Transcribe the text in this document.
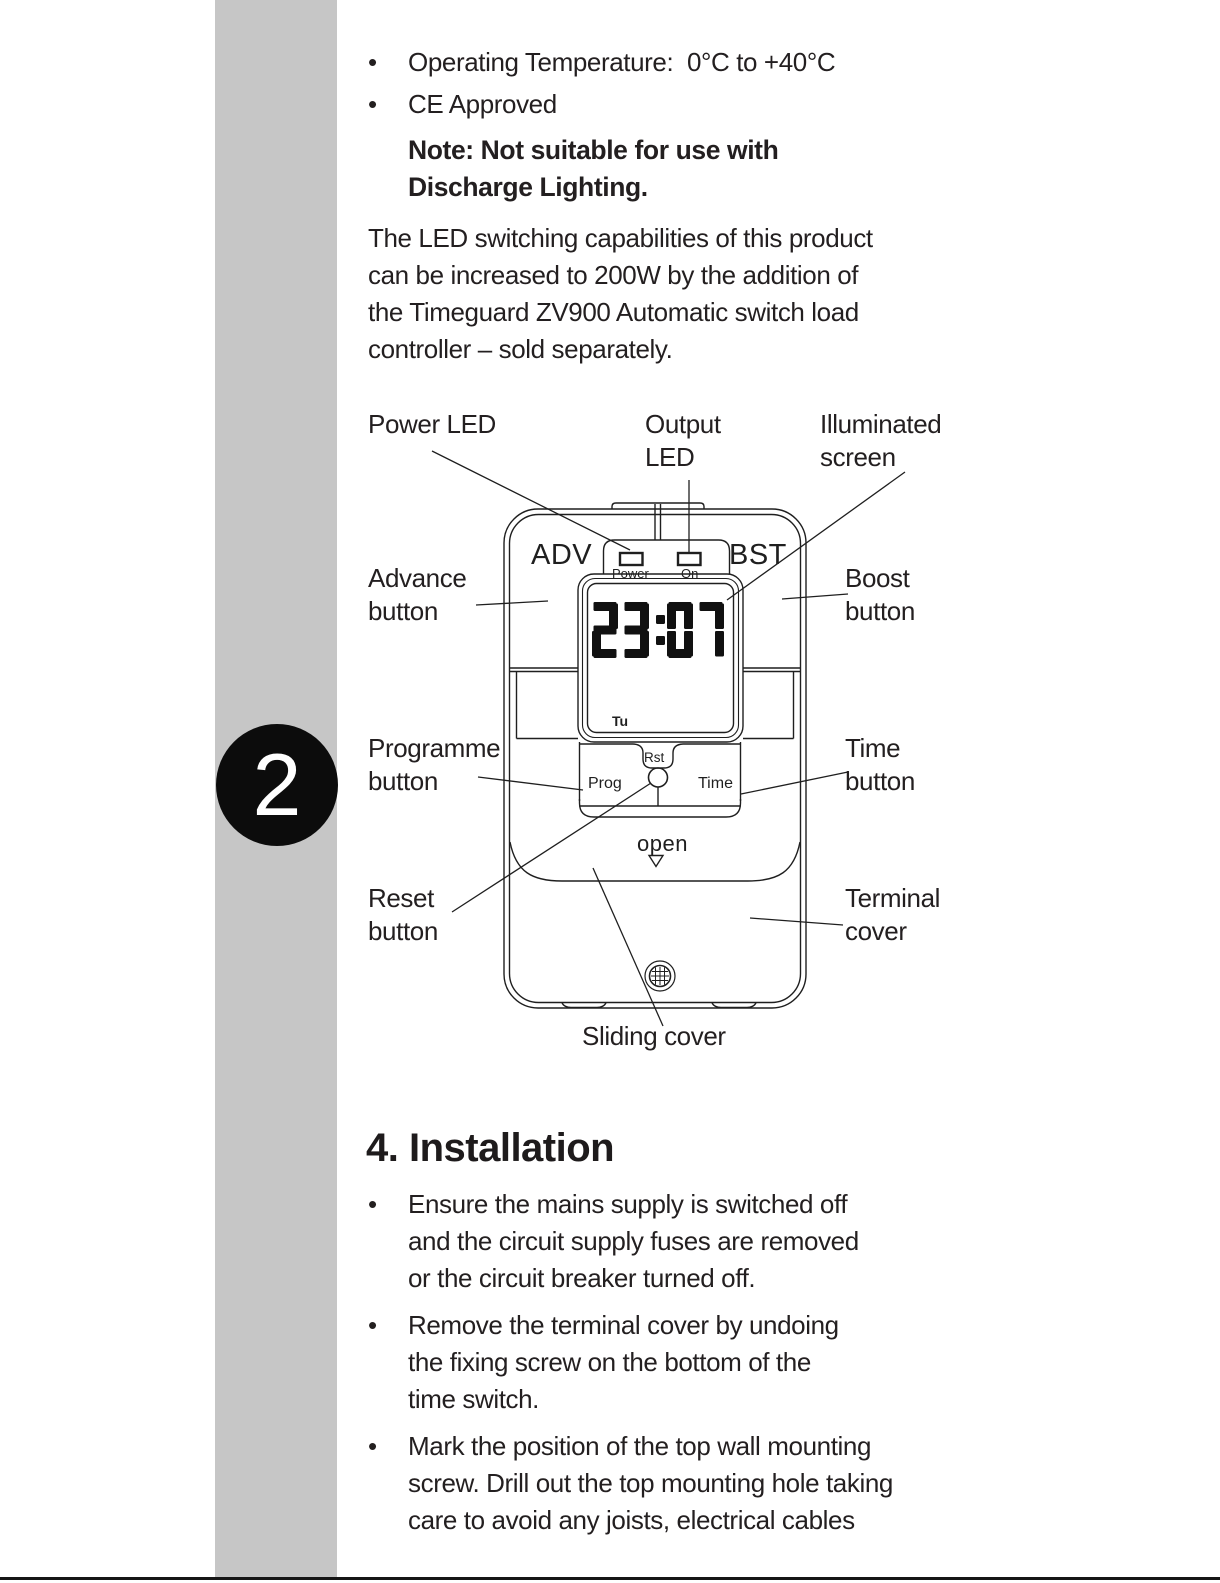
2
•	Operating Temperature:  0°C to +40°C
•	CE Approved
Note: Not suitable for use with
Discharge Lighting.
The LED switching capabilities of this product
can be increased to 200W by the addition of
the Timeguard ZV900 Automatic switch load
controller – sold separately.
ADV	BST
Power On
Rst
Prog	Time
open
Tu
Power LED	Output
LED
Illuminated
screen
Advance
button
Boost
button
Programme
button
Time
button
Reset
button
Terminal
cover
Sliding cover
4. Installation
•	Ensure the mains supply is switched off
and the circuit supply fuses are removed
or the circuit breaker turned off.
•	Remove the terminal cover by undoing
the fixing screw on the bottom of the
time switch.
•	Mark the position of the top wall mounting
screw. Drill out the top mounting hole taking
care to avoid any joists, electrical cables
